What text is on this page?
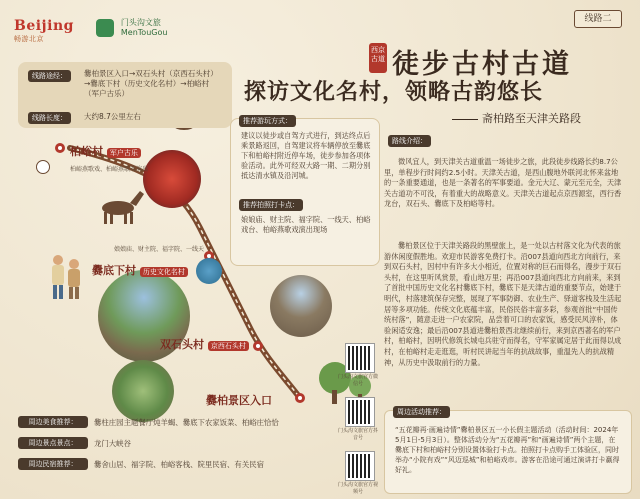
Beijing
畅游北京
门头沟文旅
MenTouGou
线路二
西京古道 徒步古村古道
探访文化名村，领略古韵悠长
斋柏路至天津关路段
线路途经：	爨柏景区入口→双石头村（京西石头村）→爨底下村（历史文化名村）→柏峪村（军户古乐）
线路长度：	大约8.7公里左右
柏峪村 军户古乐
柏峪燕歌戏、柏峪燕歌戏演出
爨底下村 历史文化名村
娘娘庙、财主院、福字院、一线天
双石头村 京西石头村
爨柏景区入口
推荐游玩方式：
建议以徒步或自驾方式进行，到达终点后乘景路返回，自驾建议将车辆停放至爨底下和柏峪村附近停车场，徒步参加各项体验活动。此外可经双大路一期、二期分别抵达清水镇及沿河城。
推荐拍照打卡点：
娘娘庙、财主院、福字院、一线天、柏峪戏台、柏峪燕歌戏演出现场
路线介绍：
微风宜人，到天津关古道重温一场徒步之旅，此段徒步线路长约8.7公里，单程步行时间约2.5小时。天津关古道，是西山腹地外联河北怀来盆地的一条重要通道，也是一条著名的军事要道。金元大辽、蒙元至元全，天津关古道功不可没，有着重大的战略意义。天津关古道起点京西源室，西行香龙台，双石头、爨底下及柏峪等村。
爨柏景区位于天津关路段的黑壁旅上，是一处以古村落文化为代表的旅游休闲度假胜地。欢迎市民游客免费打卡。沿007县道向西北方向前行，来到双石头村，因村中有许多大小相近，位置对称的巨石而得名，漫步于双石头村，在这里听风赏景，看山地万里；再沿007县道向西北方向前来，来到了首批中国历史文化名村爨底下村，爨底下是天津古道的重要节点，始建于明代，村落建筑保存完整，展现了军事防御、农业生产、驿道客栈及生活起居等多项功能。传统文化底蕴丰富，民俗民俗丰富多彩，参观首批“中国传统村落”，随意走进一户农家院，品尝着可口的农家饭，感受民风淳朴，体验闲适安逸；最后沿007县道进爨柏景西北继续前行，来到京西著名的军户村，柏峪村，因明代修筑长城屯兵驻守而得名，守军家属定居于此而得以成村，在柏峪村走走逛逛，听村民讲起当年的抗战故事，重温先人的抗战精神，从历史中汲取前行的力量。
周边活动推荐：
“五花瓣再·画遍诗情”爨柏景区五一小长假主题活动（活动时间：2024年5月1日-5月3日）。整体活动分为“五花瓣再”和“画遍诗情”两个主题，在爨底下村和柏峪村分别设置体验打卡点。拍照打卡点购手工体验区，同时举办“小院有戏”“风迈巡城”和柏峪戏市。游客在沿途可通过演讲打卡赢得好礼。
门头沟文旅官方微信号
门头沟文旅官方抖音号
门头沟文旅官方视频号
周边美食推荐：	爨柱庄园主题餐厅炖羊蝎、爨底下农家饭菜、柏峪庄恰恰
周边景点景点：	龙门大峡谷
周边民宿推荐：	爨舍山居、福字院、柏峪客栈、院里民宿、有关民宿
